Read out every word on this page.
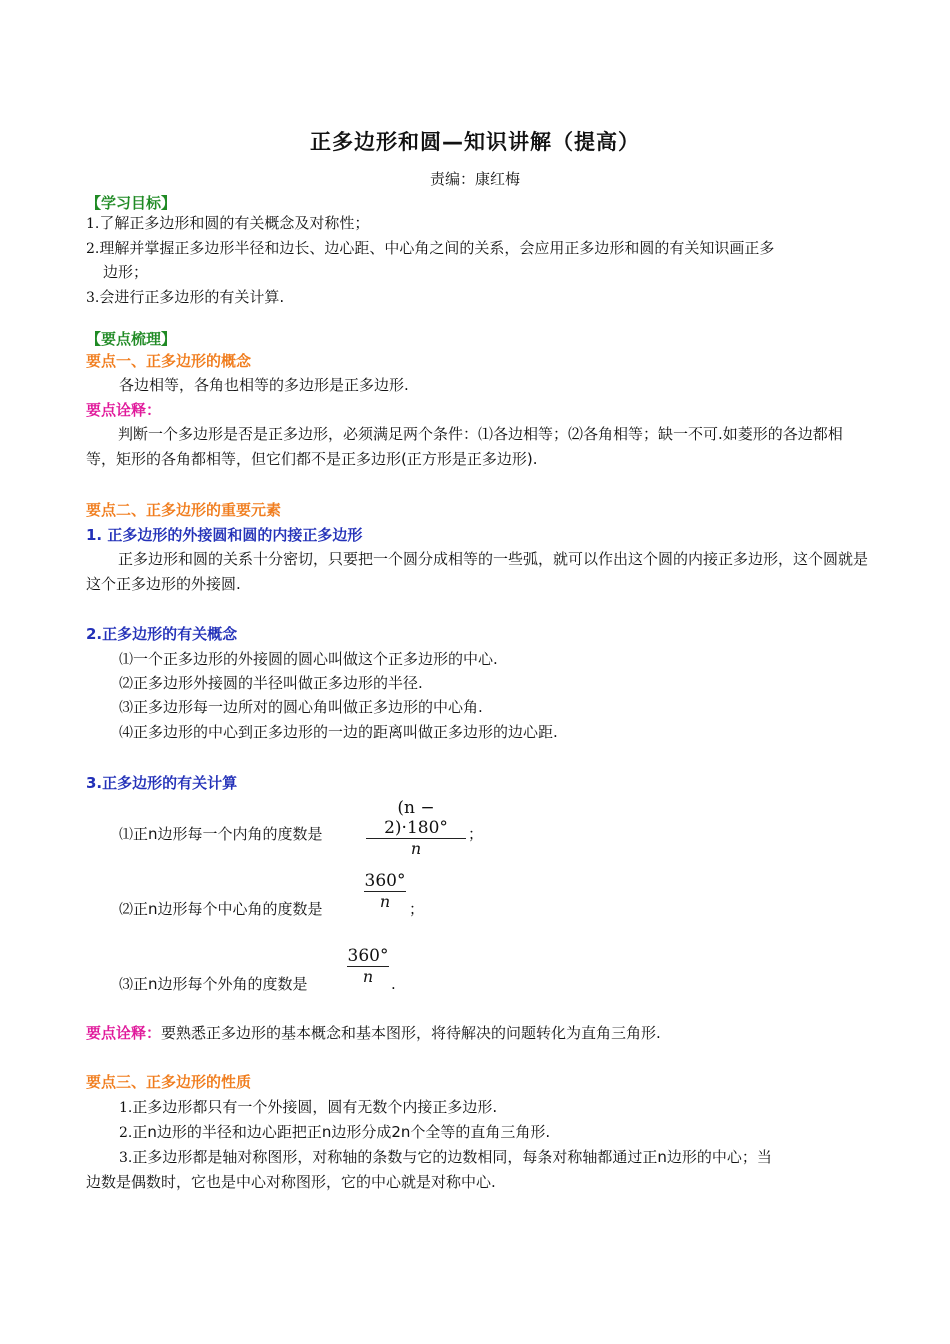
正多边形和圆—知识讲解（提高）
责编：康红梅
【学习目标】
1.了解正多边形和圆的有关概念及对称性；
2.理解并掌握正多边形半径和边长、边心距、中心角之间的关系，会应用正多边形和圆的有关知识画正多
边形；
3.会进行正多边形的有关计算.
【要点梳理】
要点一、正多边形的概念
各边相等，各角也相等的多边形是正多边形.
要点诠释：
判断一个多边形是否是正多边形，必须满足两个条件：⑴各边相等；⑵各角相等；缺一不可.如菱形的各边都相等，矩形的各角都相等，但它们都不是正多边形(正方形是正多边形).
要点二、正多边形的重要元素
1. 正多边形的外接圆和圆的内接正多边形
正多边形和圆的关系十分密切，只要把一个圆分成相等的一些弧，就可以作出这个圆的内接正多边形，这个圆就是这个正多边形的外接圆.
2.正多边形的有关概念
⑴一个正多边形的外接圆的圆心叫做这个正多边形的中心.
⑵正多边形外接圆的半径叫做正多边形的半径.
⑶正多边形每一边所对的圆心角叫做正多边形的中心角.
⑷正多边形的中心到正多边形的一边的距离叫做正多边形的边心距.
3.正多边形的有关计算
⑴正n边形每一个内角的度数是
(n − 2)·180°
n
；
⑵正n边形每个中心角的度数是
360°
n	；
⑶正n边形每个外角的度数是
360°
n	.
要点诠释：要熟悉正多边形的基本概念和基本图形，将待解决的问题转化为直角三角形.
要点三、正多边形的性质
1.正多边形都只有一个外接圆，圆有无数个内接正多边形.
2.正n边形的半径和边心距把正n边形分成2n个全等的直角三角形.
3.正多边形都是轴对称图形，对称轴的条数与它的边数相同，每条对称轴都通过正n边形的中心；当
边数是偶数时，它也是中心对称图形，它的中心就是对称中心.
